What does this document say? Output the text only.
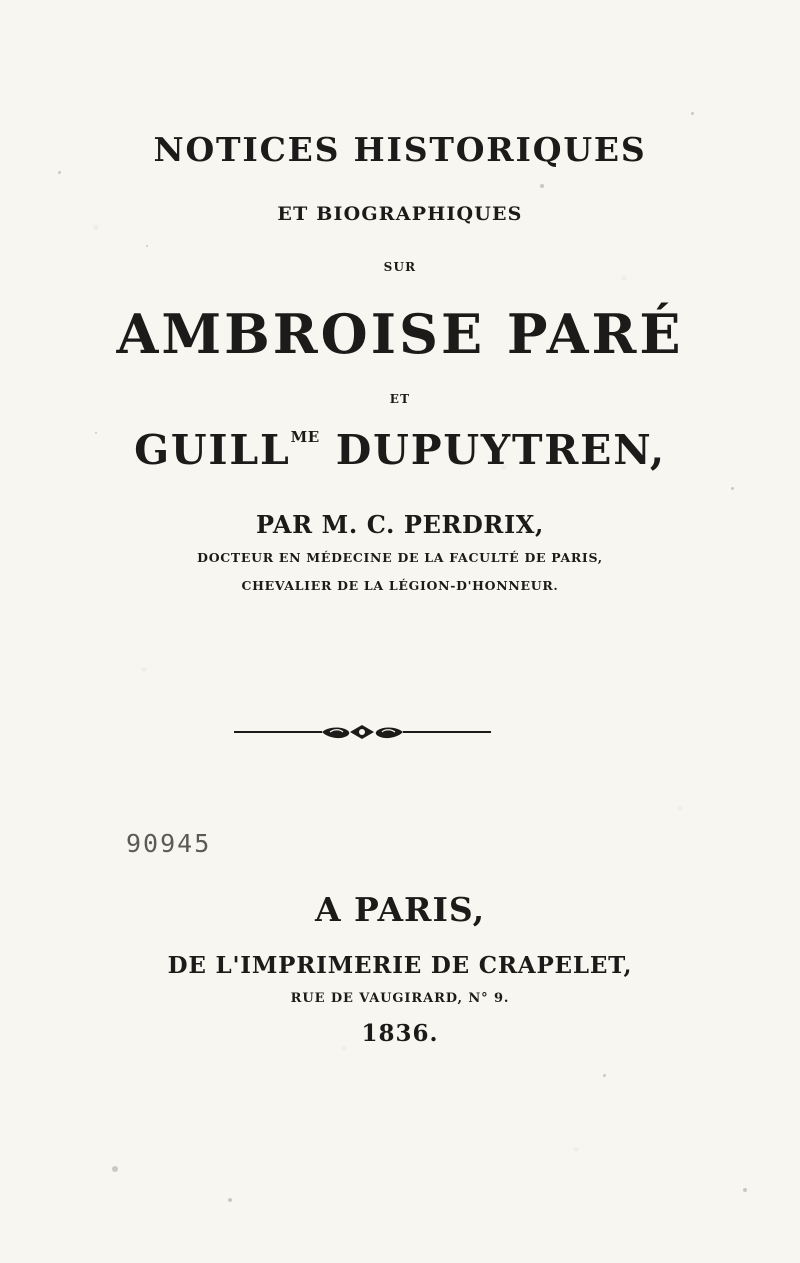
NOTICES HISTORIQUES
ET BIOGRAPHIQUES
SUR
AMBROISE PARÉ
ET
$GUILL^{ME}$ DUPUYTREN,
PAR M. C. PERDRIX,
DOCTEUR EN MÉDECINE DE LA FACULTÉ DE PARIS,
CHEVALIER DE LA LÉGION-D'HONNEUR.
90945
A PARIS,
DE L'IMPRIMERIE DE CRAPELET,
RUE DE VAUGIRARD, N° 9.
1836.
